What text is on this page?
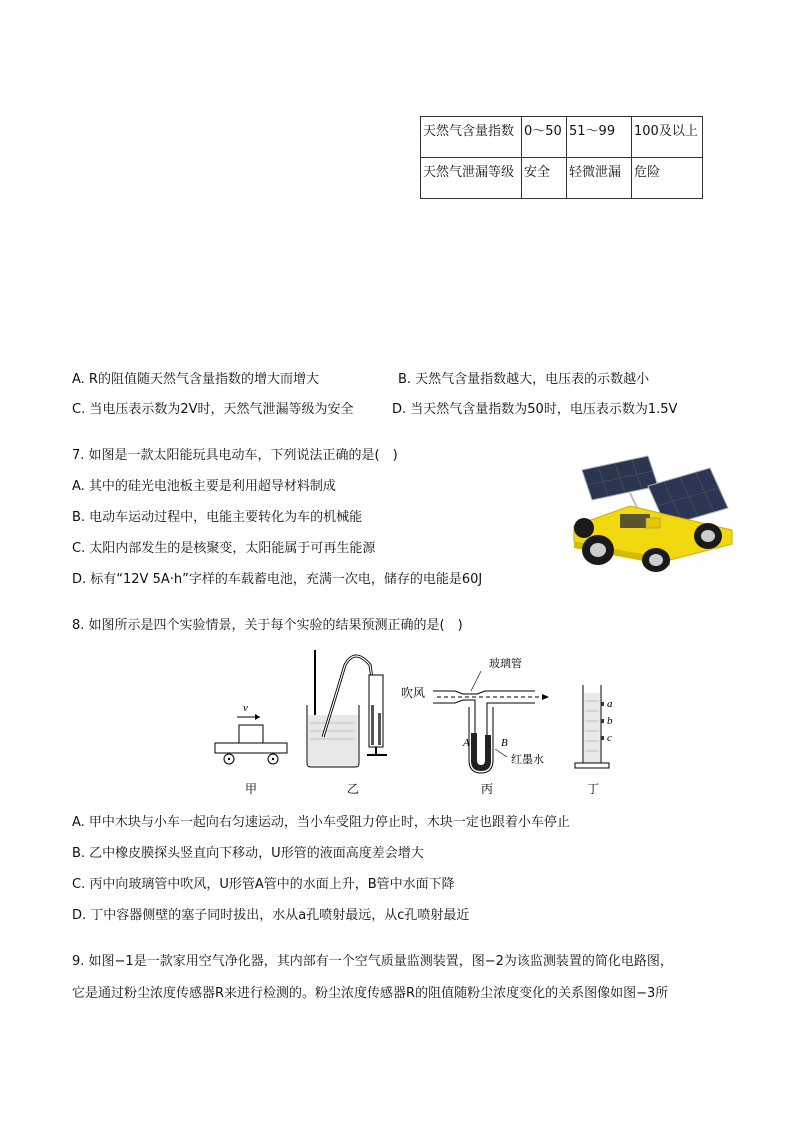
天然气含量指数	0～50	51～99	100及以上
天然气泄漏等级	安全	轻微泄漏	危险
A. R的阻值随天然气含量指数的增大而增大	B. 天然气含量指数越大，电压表的示数越小
C. 当电压表示数为2V时，天然气泄漏等级为安全	D. 当天然气含量指数为50时，电压表示数为1.5V
7. 如图是一款太阳能玩具电动车，下列说法正确的是(　)
A. 其中的硅光电池板主要是利用超导材料制成
B. 电动车运动过程中，电能主要转化为车的机械能
C. 太阳内部发生的是核聚变，太阳能属于可再生能源
D. 标有“12V 5A·h”字样的车载蓄电池，充满一次电，储存的电能是60J
8. 如图所示是四个实验情景，关于每个实验的结果预测正确的是(　)
v
吹风
玻璃管
A	B
红墨水
a
b
c
甲	乙	丙	丁
A. 甲中木块与小车一起向右匀速运动，当小车受阻力停止时，木块一定也跟着小车停止
B. 乙中橡皮膜探头竖直向下移动，U形管的液面高度差会增大
C. 丙中向玻璃管中吹风，U形管A管中的水面上升，B管中水面下降
D. 丁中容器侧壁的塞子同时拔出，水从a孔喷射最远，从c孔喷射最近
9. 如图−1是一款家用空气净化器，其内部有一个空气质量监测装置，图−2为该监测装置的简化电路图，
它是通过粉尘浓度传感器R来进行检测的。粉尘浓度传感器R的阻值随粉尘浓度变化的关系图像如图−3所
